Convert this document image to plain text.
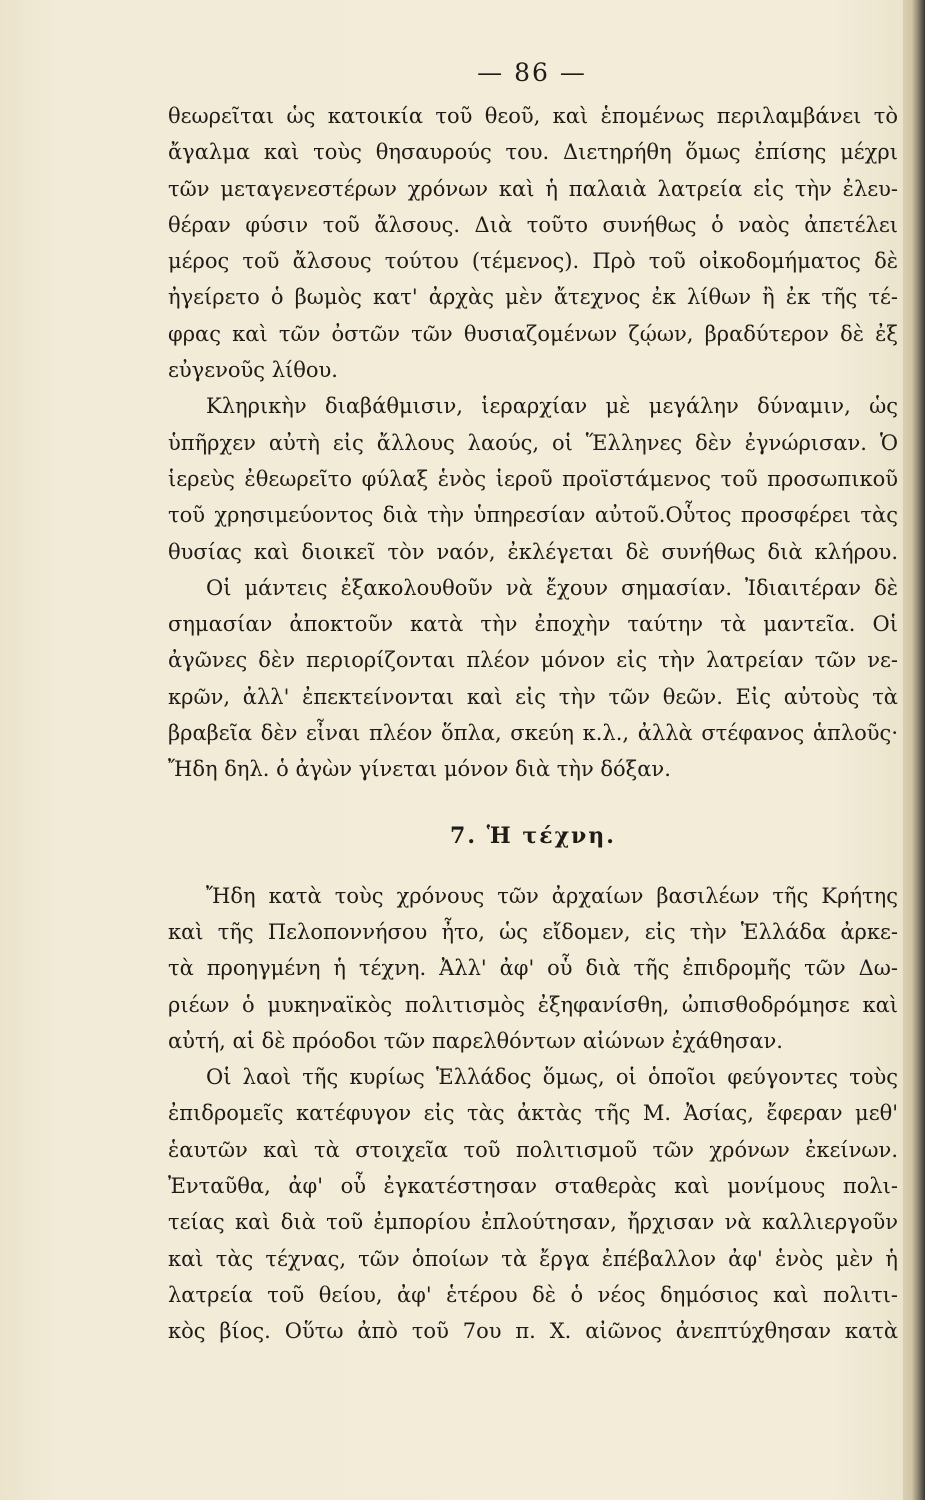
— 86 —
θεωρεῖται ὡς κατοικία τοῦ θεοῦ, καὶ ἑπομένως περιλαμβάνει τὸ
ἄγαλμα καὶ τοὺς θησαυρούς του. Διετηρήθη ὅμως ἐπίσης μέχρι
τῶν μεταγενεστέρων χρόνων καὶ ἡ παλαιὰ λατρεία εἰς τὴν ἐλευ-
θέραν φύσιν τοῦ ἄλσους. Διὰ τοῦτο συνήθως ὁ ναὸς ἀπετέλει
μέρος τοῦ ἄλσους τούτου (τέμενος). Πρὸ τοῦ οἰκοδομήματος δὲ
ἠγείρετο ὁ βωμὸς κατ' ἀρχὰς μὲν ἄτεχνος ἐκ λίθων ἢ ἐκ τῆς τέ-
φρας καὶ τῶν ὀστῶν τῶν θυσιαζομένων ζῴων, βραδύτερον δὲ ἐξ
εὐγενοῦς λίθου.
Κληρικὴν διαβάθμισιν, ἱεραρχίαν μὲ μεγάλην δύναμιν, ὡς
ὑπῆρχεν αὐτὴ εἰς ἄλλους λαούς, οἱ Ἕλληνες δὲν ἐγνώρισαν. Ὁ
ἱερεὺς ἐθεωρεῖτο φύλαξ ἑνὸς ἱεροῦ προϊστάμενος τοῦ προσωπικοῦ
τοῦ χρησιμεύοντος διὰ τὴν ὑπηρεσίαν αὐτοῦ.Οὗτος προσφέρει τὰς
θυσίας καὶ διοικεῖ τὸν ναόν, ἐκλέγεται δὲ συνήθως διὰ κλήρου.
Οἱ μάντεις ἐξακολουθοῦν νὰ ἔχουν σημασίαν. Ἰδιαιτέραν δὲ
σημασίαν ἀποκτοῦν κατὰ τὴν ἐποχὴν ταύτην τὰ μαντεῖα. Οἱ
ἀγῶνες δὲν περιορίζονται πλέον μόνον εἰς τὴν λατρείαν τῶν νε-
κρῶν, ἀλλ' ἐπεκτείνονται καὶ εἰς τὴν τῶν θεῶν. Εἰς αὐτοὺς τὰ
βραβεῖα δὲν εἶναι πλέον ὅπλα, σκεύη κ.λ., ἀλλὰ στέφανος ἁπλοῦς·
Ἤδη δηλ. ὁ ἀγὼν γίνεται μόνον διὰ τὴν δόξαν.
7. Ἡ τέχνη.
Ἤδη κατὰ τοὺς χρόνους τῶν ἀρχαίων βασιλέων τῆς Κρήτης
καὶ τῆς Πελοποννήσου ἦτο, ὡς εἴδομεν, εἰς τὴν Ἑλλάδα ἀρκε-
τὰ προηγμένη ἡ τέχνη. Ἀλλ' ἀφ' οὗ διὰ τῆς ἐπιδρομῆς τῶν Δω-
ριέων ὁ μυκηναϊκὸς πολιτισμὸς ἐξηφανίσθη, ὠπισθοδρόμησε καὶ
αὐτή, αἱ δὲ πρόοδοι τῶν παρελθόντων αἰώνων ἐχάθησαν.
Οἱ λαοὶ τῆς κυρίως Ἑλλάδος ὅμως, οἱ ὁποῖοι φεύγοντες τοὺς
ἐπιδρομεῖς κατέφυγον εἰς τὰς ἀκτὰς τῆς Μ. Ἀσίας, ἔφεραν μεθ'
ἑαυτῶν καὶ τὰ στοιχεῖα τοῦ πολιτισμοῦ τῶν χρόνων ἐκείνων.
Ἐνταῦθα, ἀφ' οὗ ἐγκατέστησαν σταθερὰς καὶ μονίμους πολι-
τείας καὶ διὰ τοῦ ἐμπορίου ἐπλούτησαν, ἤρχισαν νὰ καλλιεργοῦν
καὶ τὰς τέχνας, τῶν ὁποίων τὰ ἔργα ἐπέβαλλον ἀφ' ἑνὸς μὲν ἡ
λατρεία τοῦ θείου, ἀφ' ἑτέρου δὲ ὁ νέος δημόσιος καὶ πολιτι-
κὸς βίος. Οὕτω ἀπὸ τοῦ 7ου π. Χ. αἰῶνος ἀνεπτύχθησαν κατὰ
